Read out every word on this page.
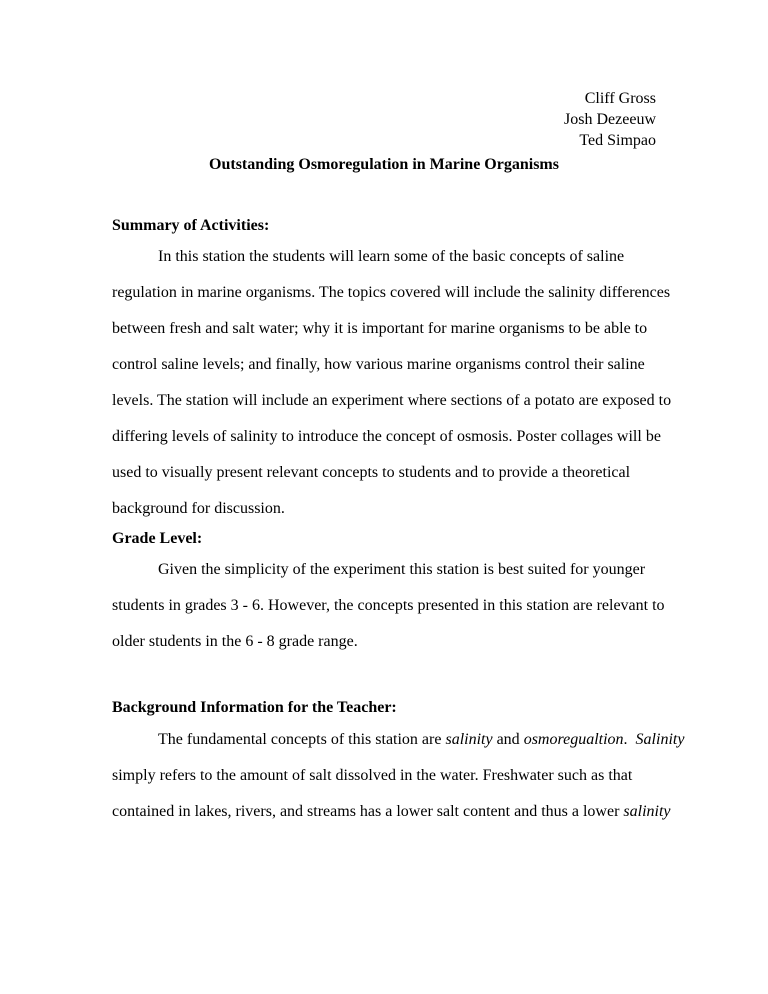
Cliff Gross
Josh Dezeeuw
Ted Simpao
Outstanding Osmoregulation in Marine Organisms
Summary of Activities:
In this station the students will learn some of the basic concepts of saline
regulation in marine organisms. The topics covered will include the salinity differences
between fresh and salt water; why it is important for marine organisms to be able to
control saline levels; and finally, how various marine organisms control their saline
levels. The station will include an experiment where sections of a potato are exposed to
differing levels of salinity to introduce the concept of osmosis. Poster collages will be
used to visually present relevant concepts to students and to provide a theoretical
background for discussion.
Grade Level:
Given the simplicity of the experiment this station is best suited for younger
students in grades 3 - 6. However, the concepts presented in this station are relevant to
older students in the 6 - 8 grade range.
Background Information for the Teacher:
The fundamental concepts of this station are salinity and osmoregualtion.  Salinity
simply refers to the amount of salt dissolved in the water. Freshwater such as that
contained in lakes, rivers, and streams has a lower salt content and thus a lower salinity
